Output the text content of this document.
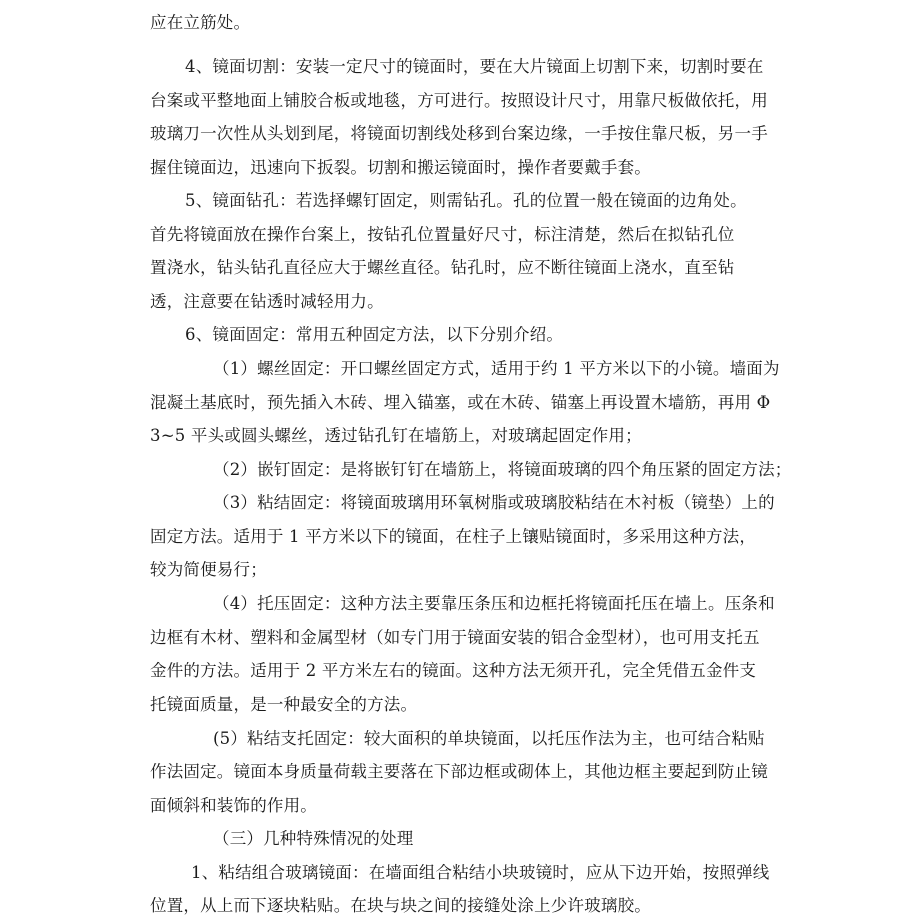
应在立筋处。
4、镜面切割：安装一定尺寸的镜面时，要在大片镜面上切割下来，切割时要在
台案或平整地面上铺胶合板或地毯，方可进行。按照设计尺寸，用靠尺板做依托，用
玻璃刀一次性从头划到尾，将镜面切割线处移到台案边缘，一手按住靠尺板，另一手
握住镜面边，迅速向下扳裂。切割和搬运镜面时，操作者要戴手套。
5、镜面钻孔：若选择螺钉固定，则需钻孔。孔的位置一般在镜面的边角处。
首先将镜面放在操作台案上，按钻孔位置量好尺寸，标注清楚，然后在拟钻孔位
置浇水，钻头钻孔直径应大于螺丝直径。钻孔时，应不断往镜面上浇水，直至钻
透，注意要在钻透时减轻用力。
6、镜面固定：常用五种固定方法，以下分别介绍。
（1）螺丝固定：开口螺丝固定方式，适用于约 1 平方米以下的小镜。墙面为
混凝土基底时，预先插入木砖、埋入锚塞，或在木砖、锚塞上再设置木墙筋，再用 Φ
3~5 平头或圆头螺丝，透过钻孔钉在墙筋上，对玻璃起固定作用；
（2）嵌钉固定：是将嵌钉钉在墙筋上，将镜面玻璃的四个角压紧的固定方法；
（3）粘结固定：将镜面玻璃用环氧树脂或玻璃胶粘结在木衬板（镜垫）上的
固定方法。适用于 1 平方米以下的镜面，在柱子上镶贴镜面时，多采用这种方法，
较为简便易行；
（4）托压固定：这种方法主要靠压条压和边框托将镜面托压在墙上。压条和
边框有木材、塑料和金属型材（如专门用于镜面安装的铝合金型材），也可用支托五
金件的方法。适用于 2 平方米左右的镜面。这种方法无须开孔，完全凭借五金件支
托镜面质量，是一种最安全的方法。
(5）粘结支托固定：较大面积的单块镜面，以托压作法为主，也可结合粘贴
作法固定。镜面本身质量荷载主要落在下部边框或砌体上，其他边框主要起到防止镜
面倾斜和装饰的作用。
（三）几种特殊情况的处理
1、粘结组合玻璃镜面：在墙面组合粘结小块玻镜时，应从下边开始，按照弹线
位置，从上而下逐块粘贴。在块与块之间的接缝处涂上少许玻璃胶。
